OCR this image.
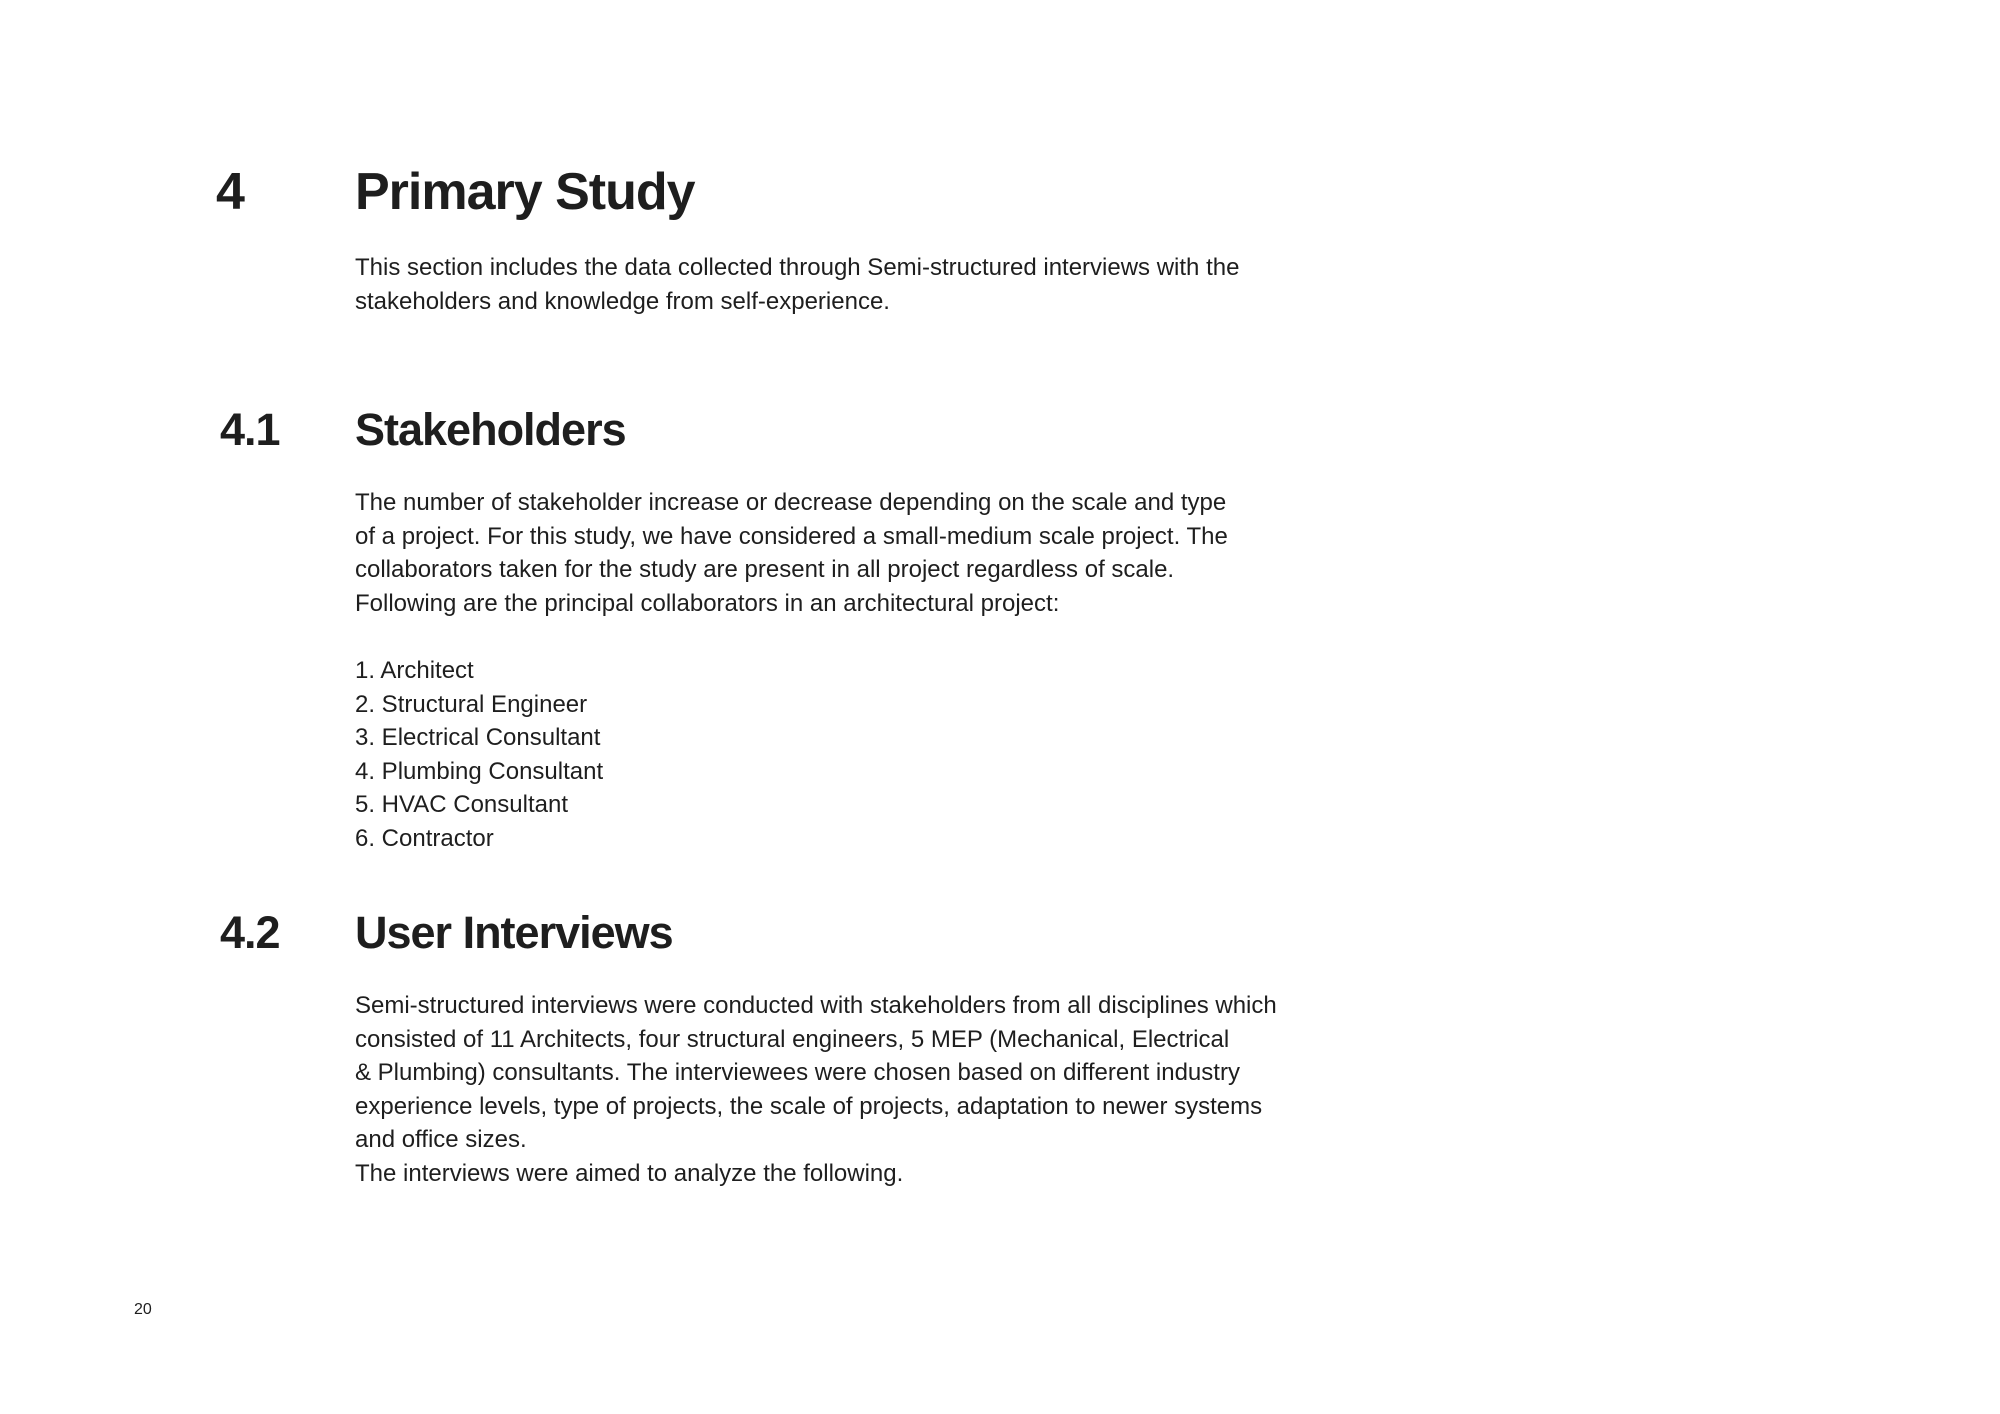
4 Primary Study

This section includes the data collected through Semi-structured interviews with the
stakeholders and knowledge from self-experience.

4.1 Stakeholders

The number of stakeholder increase or decrease depending on the scale and type
of a project. For this study, we have considered a small-medium scale project. The
collaborators taken for the study are present in all project regardless of scale.
Following are the principal collaborators in an architectural project:

1. Architect
2. Structural Engineer
3. Electrical Consultant
4. Plumbing Consultant
5. HVAC Consultant
6. Contractor
4.2 User Interviews

Semi-structured interviews were conducted with stakeholders from all disciplines which
consisted of 11 Architects, four structural engineers, 5 MEP (Mechanical, Electrical
& Plumbing) consultants. The interviewees were chosen based on different industry
experience levels, type of projects, the scale of projects, adaptation to newer systems
and office sizes.
The interviews were aimed to analyze the following.

20
